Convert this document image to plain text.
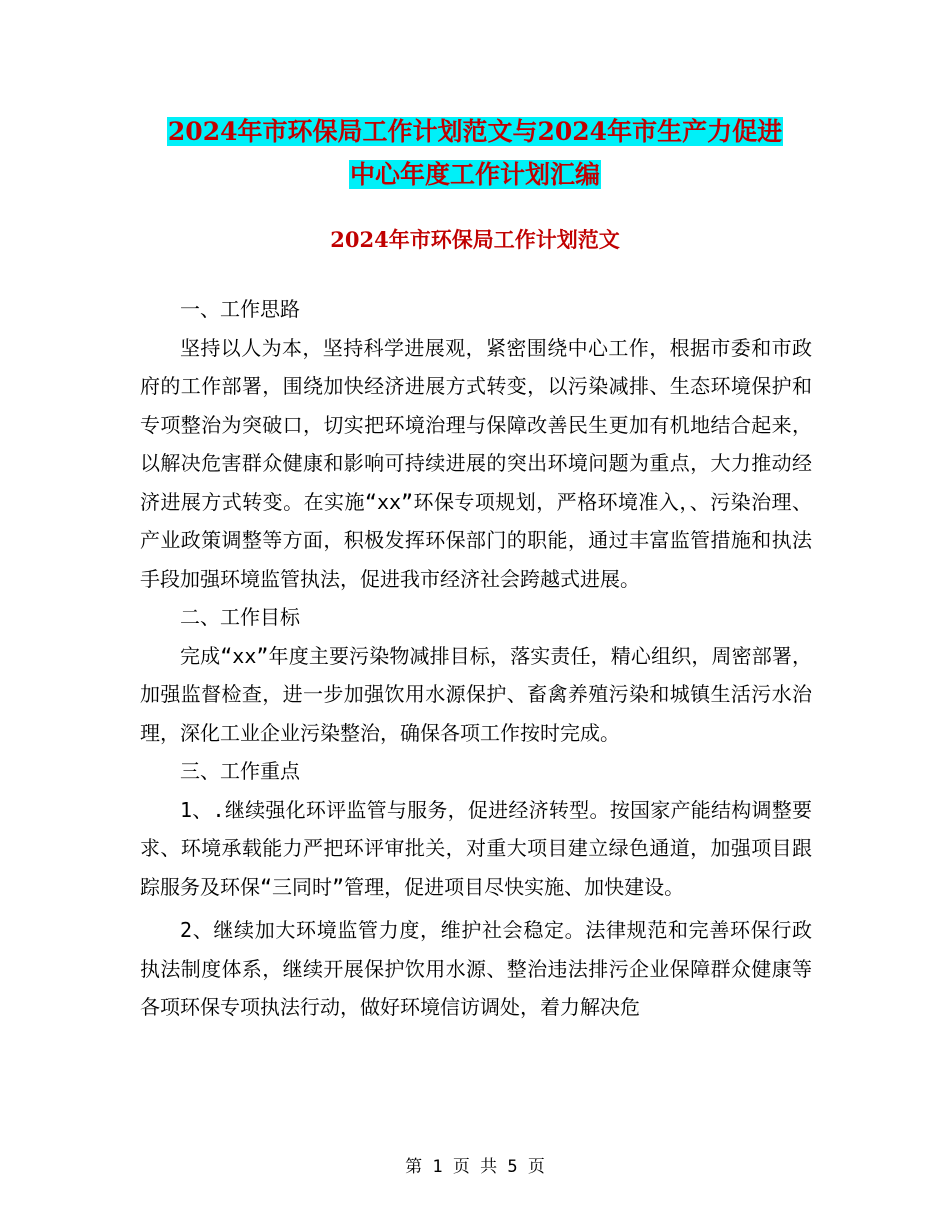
2024年市环保局工作计划范文与2024年市生产力促进
中心年度工作计划汇编
2024年市环保局工作计划范文

一、工作思路

坚持以人为本，坚持科学进展观，紧密围绕中心工作，根据市委和市政府的工作部署，围绕加快经济进展方式转变，以污染减排、生态环境保护和专项整治为突破口，切实把环境治理与保障改善民生更加有机地结合起来，以解决危害群众健康和影响可持续进展的突出环境问题为重点，大力推动经济进展方式转变。在实施“xx”环保专项规划，严格环境准入，、污染治理、产业政策调整等方面，积极发挥环保部门的职能，通过丰富监管措施和执法手段加强环境监管执法，促进我市经济社会跨越式进展。

二、工作目标

完成“xx”年度主要污染物减排目标，落实责任，精心组织，周密部署，加强监督检查，进一步加强饮用水源保护、畜禽养殖污染和城镇生活污水治理，深化工业企业污染整治，确保各项工作按时完成。

三、工作重点

1、.继续强化环评监管与服务，促进经济转型。按国家产能结构调整要求、环境承载能力严把环评审批关，对重大项目建立绿色通道，加强项目跟踪服务及环保“三同时”管理，促进项目尽快实施、加快建设。

2、继续加大环境监管力度，维护社会稳定。法律规范和完善环保行政执法制度体系，继续开展保护饮用水源、整治违法排污企业保障群众健康等各项环保专项执法行动，做好环境信访调处，着力解决危

第 1 页 共 5 页
